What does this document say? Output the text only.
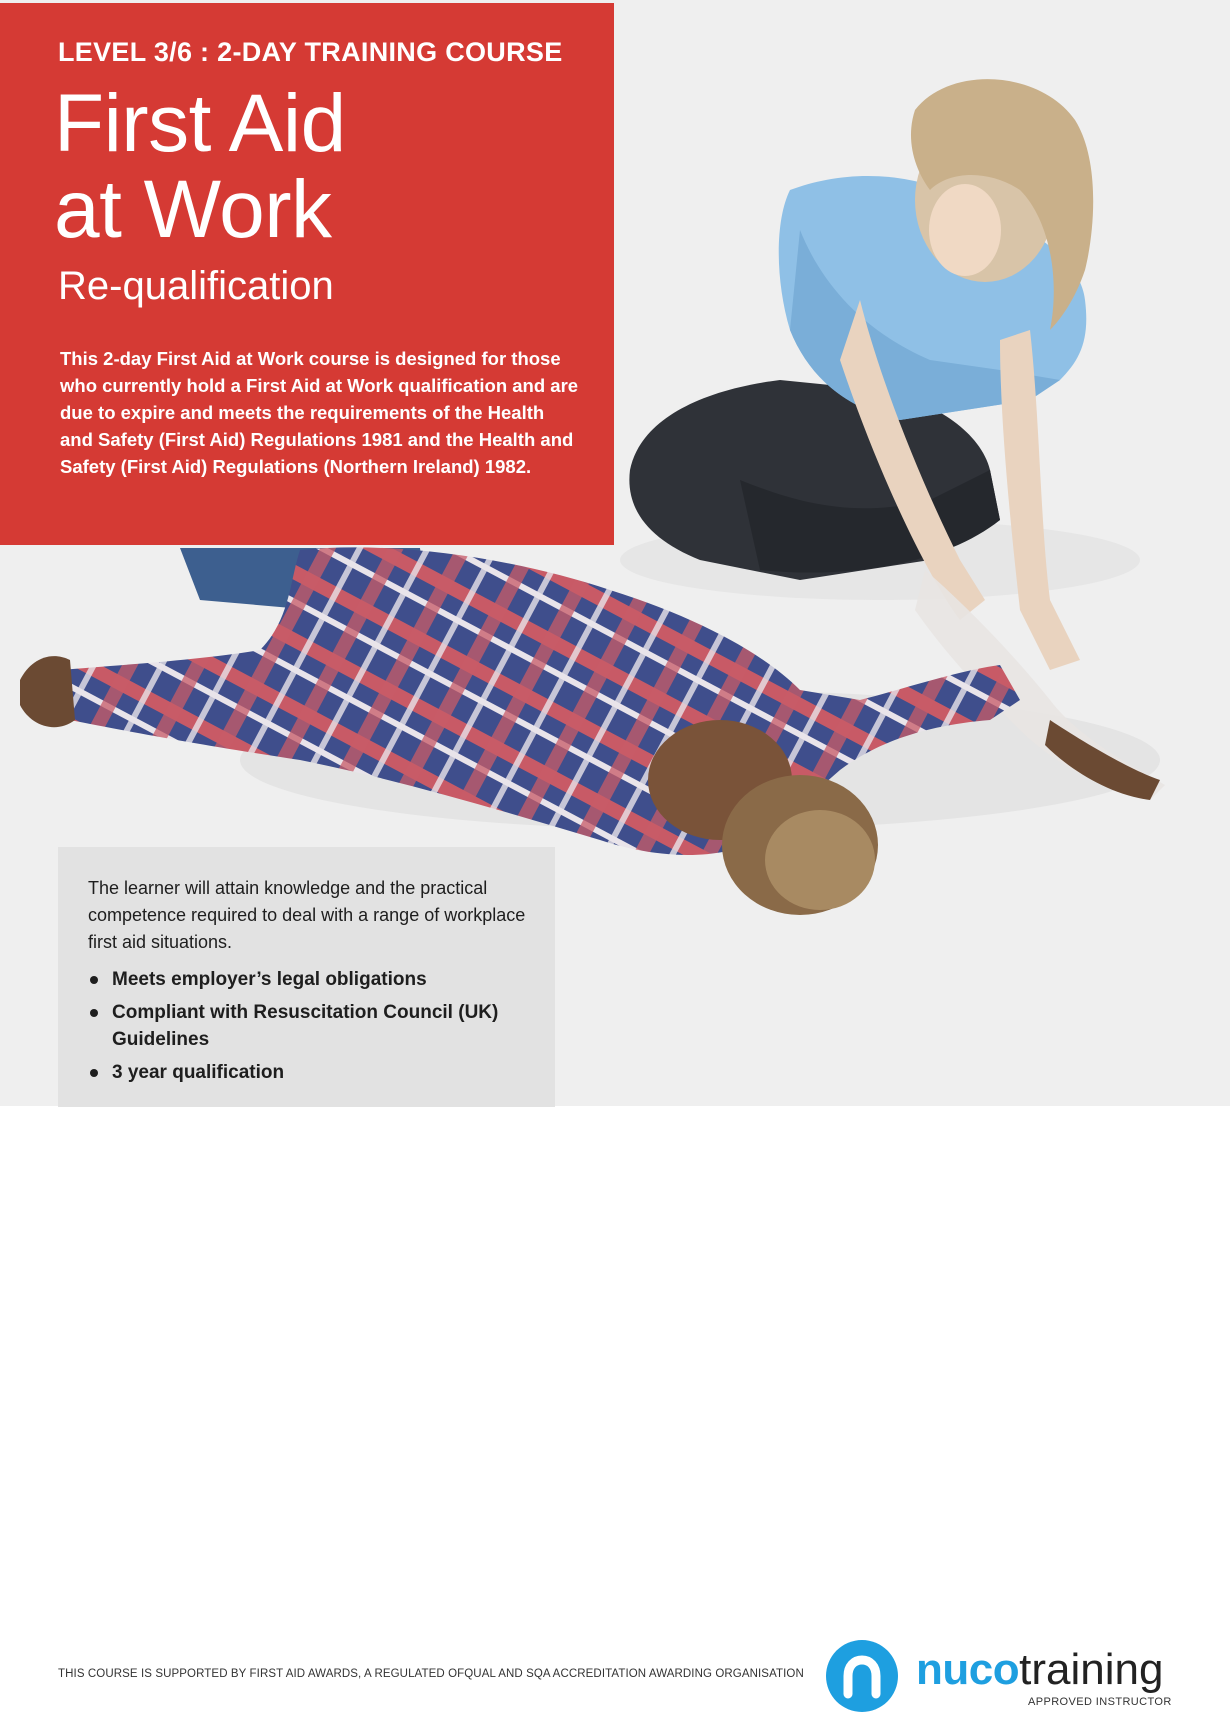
LEVEL 3/6 : 2-DAY TRAINING COURSE

First Aid
at Work

Re-qualification

This 2-day First Aid at Work course is designed for those who currently hold a First Aid at Work qualification and are due to expire and meets the requirements of the Health and Safety (First Aid) Regulations 1981 and the Health and Safety (First Aid) Regulations (Northern Ireland) 1982.

The learner will attain knowledge and the practical competence required to deal with a range of workplace first aid situations.

Meets employer’s legal obligations
Compliant with Resuscitation Council (UK) Guidelines
3 year qualification
THIS COURSE IS SUPPORTED BY FIRST AID AWARDS, A REGULATED OFQUAL AND SQA ACCREDITATION AWARDING ORGANISATION	nucotraining
APPROVED INSTRUCTOR
